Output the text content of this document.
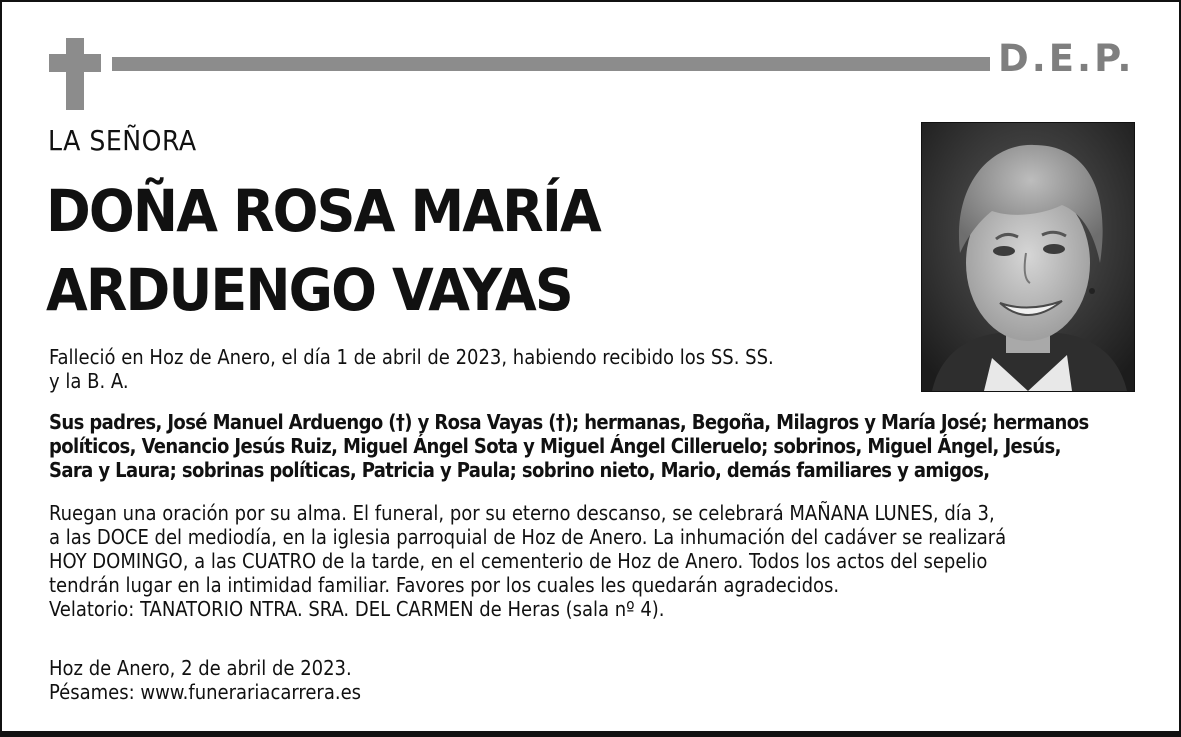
D.E.P.
LA SEÑORA
DOÑA ROSA MARÍA
ARDUENGO VAYAS
Falleció en Hoz de Anero, el día 1 de abril de 2023, habiendo recibido los SS. SS.
y la B. A.
Sus padres, José Manuel Arduengo (†) y Rosa Vayas (†); hermanas, Begoña, Milagros y María José; hermanos
políticos, Venancio Jesús Ruiz, Miguel Ángel Sota y Miguel Ángel Cilleruelo; sobrinos, Miguel Ángel, Jesús,
Sara y Laura; sobrinas políticas, Patricia y Paula; sobrino nieto, Mario, demás familiares y amigos,
Ruegan una oración por su alma. El funeral, por su eterno descanso, se celebrará MAÑANA LUNES, día 3,
a las DOCE del mediodía, en la iglesia parroquial de Hoz de Anero. La inhumación del cadáver se realizará
HOY DOMINGO, a las CUATRO de la tarde, en el cementerio de Hoz de Anero. Todos los actos del sepelio
tendrán lugar en la intimidad familiar. Favores por los cuales les quedarán agradecidos.
Velatorio: TANATORIO NTRA. SRA. DEL CARMEN de Heras (sala nº 4).
Hoz de Anero, 2 de abril de 2023.
Pésames: www.funerariacarrera.es
